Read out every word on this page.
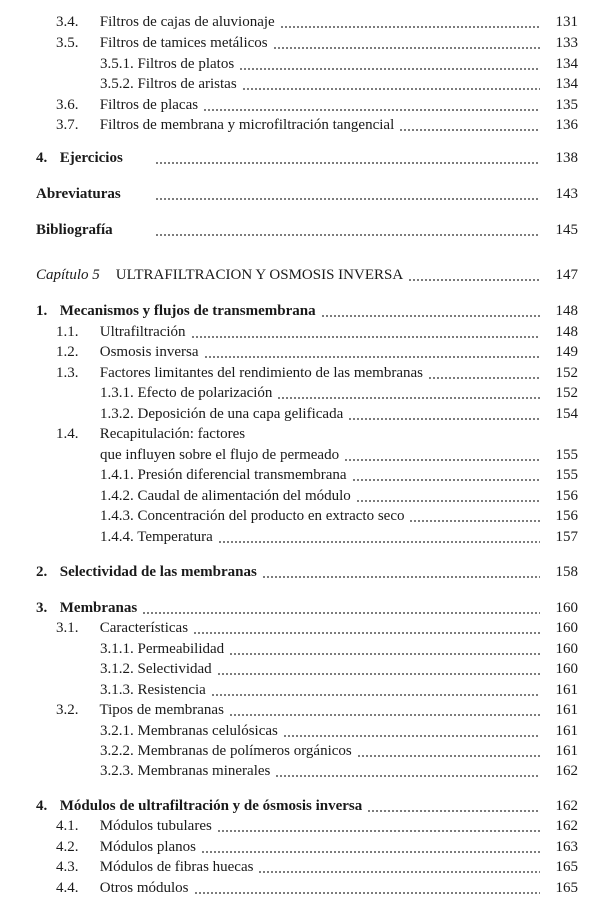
3.4. Filtros de cajas de aluvionaje	131
3.5. Filtros de tamices metálicos	133
3.5.1. Filtros de platos	134
3.5.2. Filtros de aristas	134
3.6. Filtros de placas	135
3.7. Filtros de membrana y microfiltración tangencial	136
4. Ejercicios	138
Abreviaturas	143
Bibliografía	145
Capítulo 5 ULTRAFILTRACION Y OSMOSIS INVERSA	147
1. Mecanismos y flujos de transmembrana	148
1.1. Ultrafiltración	148
1.2. Osmosis inversa	149
1.3. Factores limitantes del rendimiento de las membranas	152
1.3.1. Efecto de polarización	152
1.3.2. Deposición de una capa gelificada	154
1.4. Recapitulación: factores
que influyen sobre el flujo de permeado	155
1.4.1. Presión diferencial transmembrana	155
1.4.2. Caudal de alimentación del módulo	156
1.4.3. Concentración del producto en extracto seco	156
1.4.4. Temperatura	157
2. Selectividad de las membranas	158
3. Membranas	160
3.1. Características	160
3.1.1. Permeabilidad	160
3.1.2. Selectividad	160
3.1.3. Resistencia	161
3.2. Tipos de membranas	161
3.2.1. Membranas celulósicas	161
3.2.2. Membranas de polímeros orgánicos	161
3.2.3. Membranas minerales	162
4. Módulos de ultrafiltración y de ósmosis inversa	162
4.1. Módulos tubulares	162
4.2. Módulos planos	163
4.3. Módulos de fibras huecas	165
4.4. Otros módulos	165
